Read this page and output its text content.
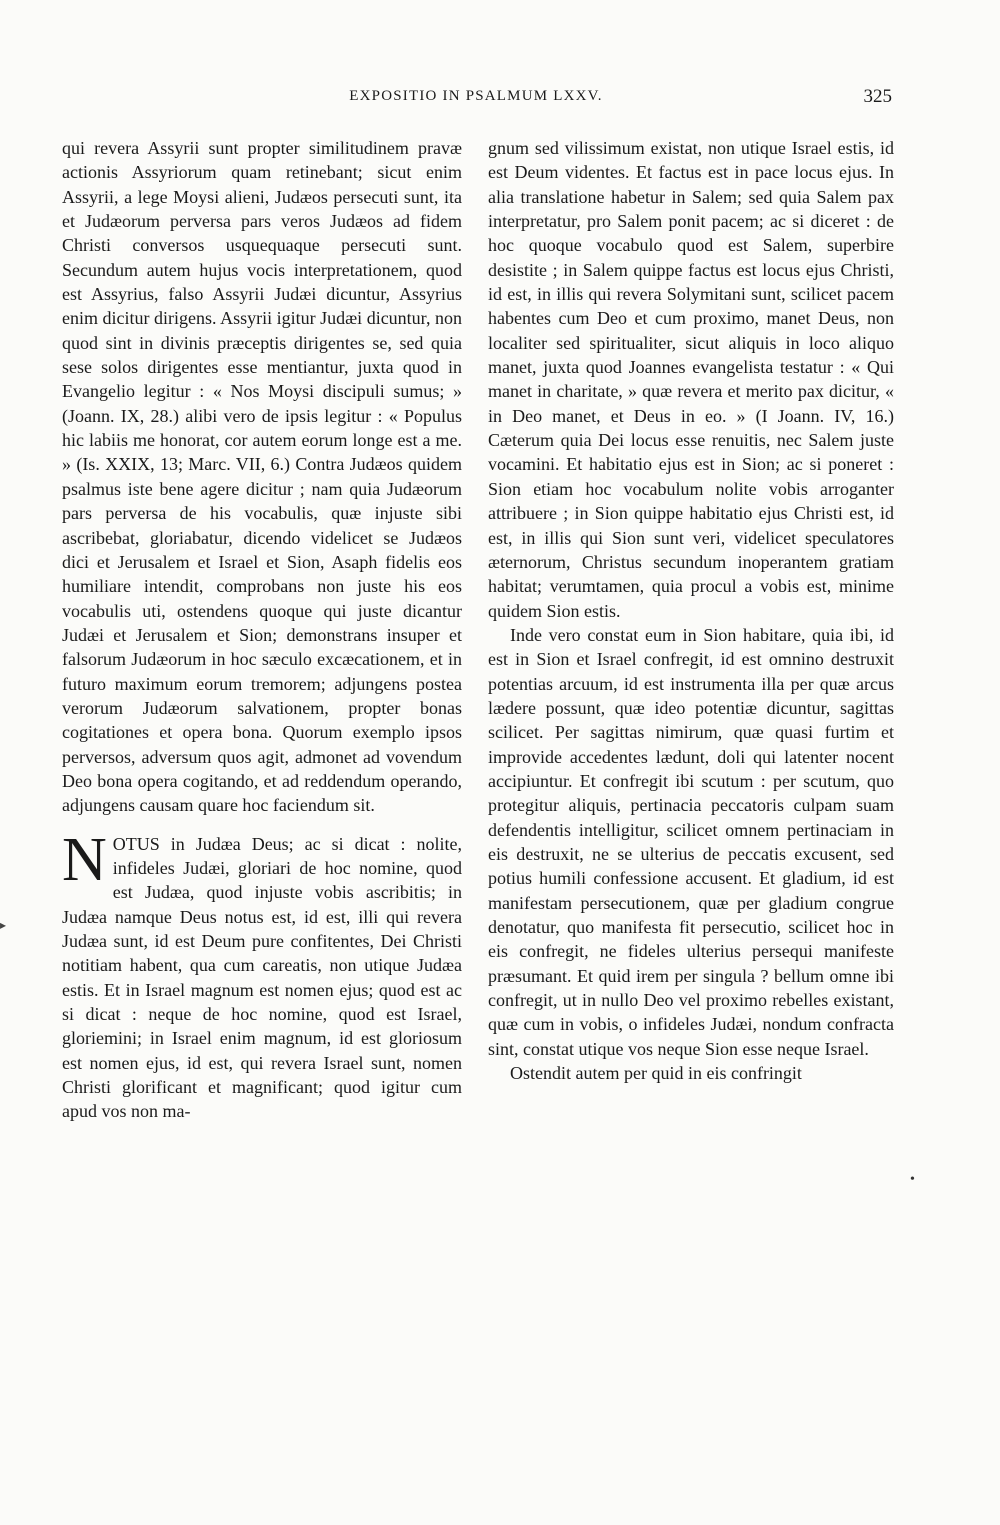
EXPOSITIO IN PSALMUM LXXV.	325

qui revera Assyrii sunt propter similitudinem pravæ actionis Assyriorum quam retinebant; sicut enim Assyrii, a lege Moysi alieni, Judæos persecuti sunt, ita et Judæorum perversa pars veros Judæos ad fidem Christi conversos usquequaque persecuti sunt. Secundum autem hujus vocis interpretationem, quod est Assyrius, falso Assyrii Judæi dicuntur, Assyrius enim dicitur dirigens. Assyrii igitur Judæi dicuntur, non quod sint in divinis præceptis dirigentes se, sed quia sese solos dirigentes esse mentiantur, juxta quod in Evangelio legitur : « Nos Moysi discipuli sumus; » (Joann. IX, 28.) alibi vero de ipsis legitur : « Populus hic labiis me honorat, cor autem eorum longe est a me. » (Is. XXIX, 13; Marc. VII, 6.) Contra Judæos quidem psalmus iste bene agere dicitur ; nam quia Judæorum pars perversa de his vocabulis, quæ injuste sibi ascribebat, gloriabatur, dicendo videlicet se Judæos dici et Jerusalem et Israel et Sion, Asaph fidelis eos humiliare intendit, comprobans non juste his eos vocabulis uti, ostendens quoque qui juste dicantur Judæi et Jerusalem et Sion; demonstrans insuper et falsorum Judæorum in hoc sæculo excæcationem, et in futuro maximum eorum tremorem; adjungens postea verorum Judæorum salvationem, propter bonas cogitationes et opera bona. Quorum exemplo ipsos perversos, adversum quos agit, admonet ad vovendum Deo bona opera cogitando, et ad reddendum operando, adjungens causam quare hoc faciendum sit.

N OTUS in Judæa Deus; ac si dicat : nolite, infideles Judæi, gloriari de hoc nomine, quod est Judæa, quod injuste vobis ascribitis; in Judæa namque Deus notus est, id est, illi qui revera Judæa sunt, id est Deum pure confitentes, Dei Christi notitiam habent, qua cum careatis, non utique Judæa estis. Et in Israel magnum est nomen ejus; quod est ac si dicat : neque de hoc nomine, quod est Israel, gloriemini; in Israel enim magnum, id est gloriosum est nomen ejus, id est, qui revera Israel sunt, nomen Christi glorificant et magnificant; quod igitur cum apud vos non ma-

gnum sed vilissimum existat, non utique Israel estis, id est Deum videntes. Et factus est in pace locus ejus. In alia translatione habetur in Salem; sed quia Salem pax interpretatur, pro Salem ponit pacem; ac si diceret : de hoc quoque vocabulo quod est Salem, superbire desistite ; in Salem quippe factus est locus ejus Christi, id est, in illis qui revera Solymitani sunt, scilicet pacem habentes cum Deo et cum proximo, manet Deus, non localiter sed spiritualiter, sicut aliquis in loco aliquo manet, juxta quod Joannes evangelista testatur : « Qui manet in charitate, » quæ revera et merito pax dicitur, « in Deo manet, et Deus in eo. » (I Joann. IV, 16.) Cæterum quia Dei locus esse renuitis, nec Salem juste vocamini. Et habitatio ejus est in Sion; ac si poneret : Sion etiam hoc vocabulum nolite vobis arroganter attribuere ; in Sion quippe habitatio ejus Christi est, id est, in illis qui Sion sunt veri, videlicet speculatores æternorum, Christus secundum inoperantem gratiam habitat; verumtamen, quia procul a vobis est, minime quidem Sion estis.

Inde vero constat eum in Sion habitare, quia ibi, id est in Sion et Israel confregit, id est omnino destruxit potentias arcuum, id est instrumenta illa per quæ arcus lædere possunt, quæ ideo potentiæ dicuntur, sagittas scilicet. Per sagittas nimirum, quæ quasi furtim et improvide accedentes lædunt, doli qui latenter nocent accipiuntur. Et confregit ibi scutum : per scutum, quo protegitur aliquis, pertinacia peccatoris culpam suam defendentis intelligitur, scilicet omnem pertinaciam in eis destruxit, ne se ulterius de peccatis excusent, sed potius humili confessione accusent. Et gladium, id est manifestam persecutionem, quæ per gladium congrue denotatur, quo manifesta fit persecutio, scilicet hoc in eis confregit, ne fideles ulterius persequi manifeste præsumant. Et quid irem per singula ? bellum omne ibi confregit, ut in nullo Deo vel proximo rebelles existant, quæ cum in vobis, o infideles Judæi, nondum confracta sint, constat utique vos neque Sion esse neque Israel.

Ostendit autem per quid in eis confringit

▸
•
